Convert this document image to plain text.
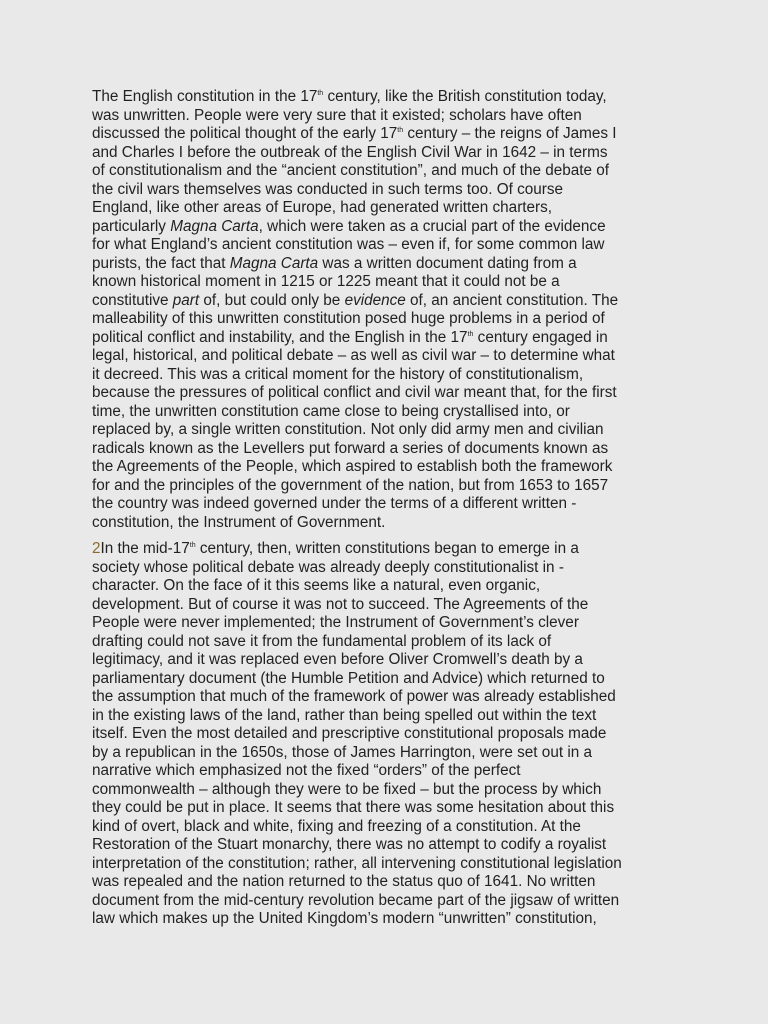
The English constitution in the 17th century, like the British constitution today,
was unwritten. People were very sure that it existed; scholars have often
discussed the political thought of the early 17th century – the reigns of James I
and Charles I before the outbreak of the English Civil War in 1642 – in terms
of constitutionalism and the “ancient constitution”, and much of the debate of
the civil wars themselves was conducted in such terms too. Of course
England, like other areas of Europe, had generated written charters,
particularly Magna Carta, which were taken as a crucial part of the evidence
for what England’s ancient constitution was – even if, for some common law
purists, the fact that Magna Carta was a written document dating from a
known historical moment in 1215 or 1225 meant that it could not be a
constitutive part of, but could only be evidence of, an ancient constitution. The
malleability of this unwritten constitution posed huge problems in a period of
political conflict and instability, and the English in the 17th century engaged in
legal, historical, and political debate – as well as civil war – to determine what
it decreed. This was a critical moment for the history of constitutionalism,
because the pressures of political conflict and civil war meant that, for the first
time, the unwritten constitution came close to being crystallised into, or
replaced by, a single written constitution. Not only did army men and civilian
radicals known as the Levellers put forward a series of documents known as
the Agreements of the People, which aspired to establish both the framework
for and the principles of the government of the nation, but from 1653 to 1657
the country was indeed governed under the terms of a different written -
constitution, the Instrument of Government.
2In the mid-17th century, then, written constitutions began to emerge in a
society whose political debate was already deeply constitutionalist in -
character. On the face of it this seems like a natural, even organic,
development. But of course it was not to succeed. The Agreements of the
People were never implemented; the Instrument of Government’s clever
drafting could not save it from the fundamental problem of its lack of
legitimacy, and it was replaced even before Oliver Cromwell’s death by a
parliamentary document (the Humble Petition and Advice) which returned to
the assumption that much of the framework of power was already established
in the existing laws of the land, rather than being spelled out within the text
itself. Even the most detailed and prescriptive constitutional proposals made
by a republican in the 1650s, those of James Harrington, were set out in a
narrative which emphasized not the fixed “orders” of the perfect
commonwealth – although they were to be fixed – but the process by which
they could be put in place. It seems that there was some hesitation about this
kind of overt, black and white, fixing and freezing of a constitution. At the
Restoration of the Stuart monarchy, there was no attempt to codify a royalist
interpretation of the constitution; rather, all intervening constitutional legislation
was repealed and the nation returned to the status quo of 1641. No written
document from the mid-century revolution became part of the jigsaw of written
law which makes up the United Kingdom’s modern “unwritten” constitution,
